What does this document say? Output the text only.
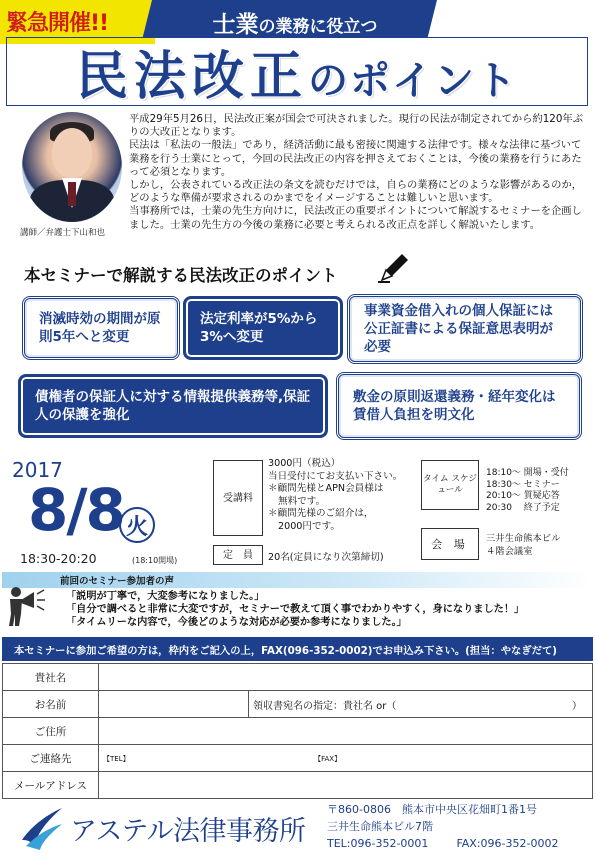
緊急開催!!	士業の業務に役立つ
民法改正のポイント
講師／弁護士下山和也

平成29年5月26日，民法改正案が国会で可決されました。現行の民法が制定されてから約120年ぶりの大改正となります。

民法は「私法の一般法」であり，経済活動に最も密接に関連する法律です。様々な法律に基づいて業務を行う士業にとって，今回の民法改正の内容を押さえておくことは，今後の業務を行うにあたって必須となります。

しかし，公表されている改正法の条文を読むだけでは，自らの業務にどのような影響があるのか，どのような準備が要求されるのかまでをイメージすることは難しいと思います。

当事務所では，士業の先生方向けに，民法改正の重要ポイントについて解説するセミナーを企画しました。士業の先生方の今後の業務に必要と考えられる改正点を詳しく解説いたします。

本セミナーで解説する民法改正のポイント
消滅時効の期間が原則5年へと変更
法定利率が5%から3%へ変更
事業資金借入れの個人保証には公正証書による保証意思表明が必要
債権者の保証人に対する情報提供義務等,保証人の保護を強化
敷金の原則返還義務・経年変化は賃借人負担を明文化
2017
8/8 火
18:30-20:20	(18:10開場)
受講料
3000円（税込）
当日受付にてお支払い下さい。
＊顧問先様とAPN会員様は
無料です。
＊顧問先様のご紹介は，
2000円です。
定　員	20名(定員になり次第締切)
タイム スケジュール
18:10～ 開場・受付
18:30～ セミナー
20:10～ 質疑応答
20:30　 終了予定
会 場	三井生命熊本ビル
４階会議室
前回のセミナー参加者の声
「説明が丁寧で，大変参考になりました。」
「自分で調べると非常に大変ですが，セミナーで教えて頂く事でわかりやすく，身になりました！」
「タイムリーな内容で，今後どのような対応が必要か参考になりました。」
本セミナーに参加ご希望の方は，枠内をご記入の上，FAX(096-352-0002)でお申込み下さい。(担当：やなぎだて)
貴社名		
お名前		領収書宛名の指定：貴社名 or（ ）

ご住所		
ご連絡先	【TEL】 【FAX】	
メールアドレス		
アステル法律事務所
〒860-0806　熊本市中央区花畑町1番1号
三井生命熊本ビル7階
TEL:096-352-0001	FAX:096-352-0002
